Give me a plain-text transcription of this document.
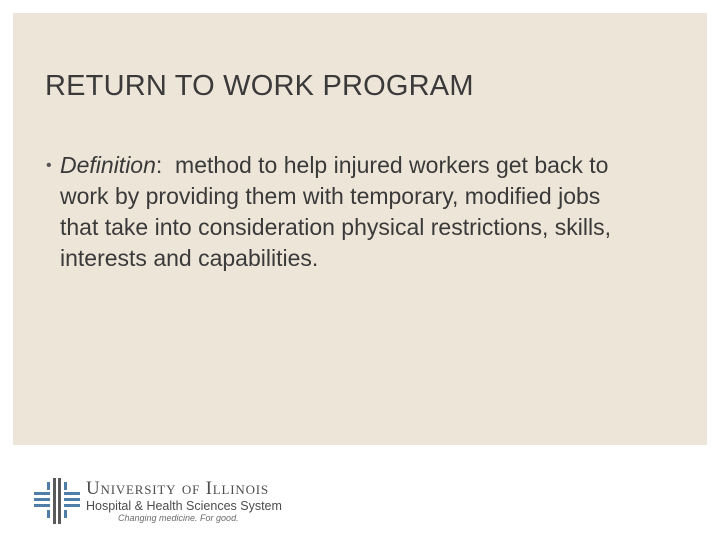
RETURN TO WORK PROGRAM
• Definition:  method to help injured workers get back to work by providing them with temporary, modified jobs that take into consideration physical restrictions, skills, interests and capabilities.
University of Illinois
Hospital & Health Sciences System
Changing medicine. For good.
